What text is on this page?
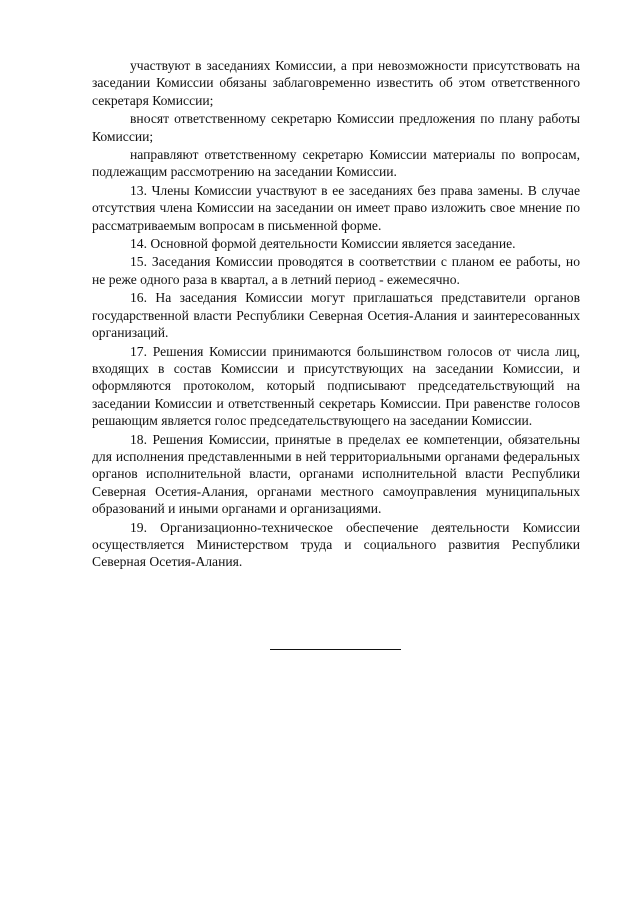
участвуют в заседаниях Комиссии, а при невозможности присутствовать на заседании Комиссии обязаны заблаговременно известить об этом ответственного секретаря Комиссии;

вносят ответственному секретарю Комиссии предложения по плану работы Комиссии;

направляют ответственному секретарю Комиссии материалы по вопросам, подлежащим рассмотрению на заседании Комиссии.

13. Члены Комиссии участвуют в ее заседаниях без права замены. В случае отсутствия члена Комиссии на заседании он имеет право изложить свое мнение по рассматриваемым вопросам в письменной форме.

14. Основной формой деятельности Комиссии является заседание.

15. Заседания Комиссии проводятся в соответствии с планом ее работы, но не реже одного раза в квартал, а в летний период - ежемесячно.

16. На заседания Комиссии могут приглашаться представители органов государственной власти Республики Северная Осетия-Алания и заинтересованных организаций.

17. Решения Комиссии принимаются большинством голосов от числа лиц, входящих в состав Комиссии и присутствующих на заседании Комиссии, и оформляются протоколом, который подписывают председательствующий на заседании Комиссии и ответственный секретарь Комиссии. При равенстве голосов решающим является голос председательствующего на заседании Комиссии.

18. Решения Комиссии, принятые в пределах ее компетенции, обязательны для исполнения представленными в ней территориальными органами федеральных органов исполнительной власти, органами исполнительной власти Республики Северная Осетия-Алания, органами местного самоуправления муниципальных образований и иными органами и организациями.

19. Организационно-техническое обеспечение деятельности Комиссии осуществляется Министерством труда и социального развития Республики Северная Осетия-Алания.
